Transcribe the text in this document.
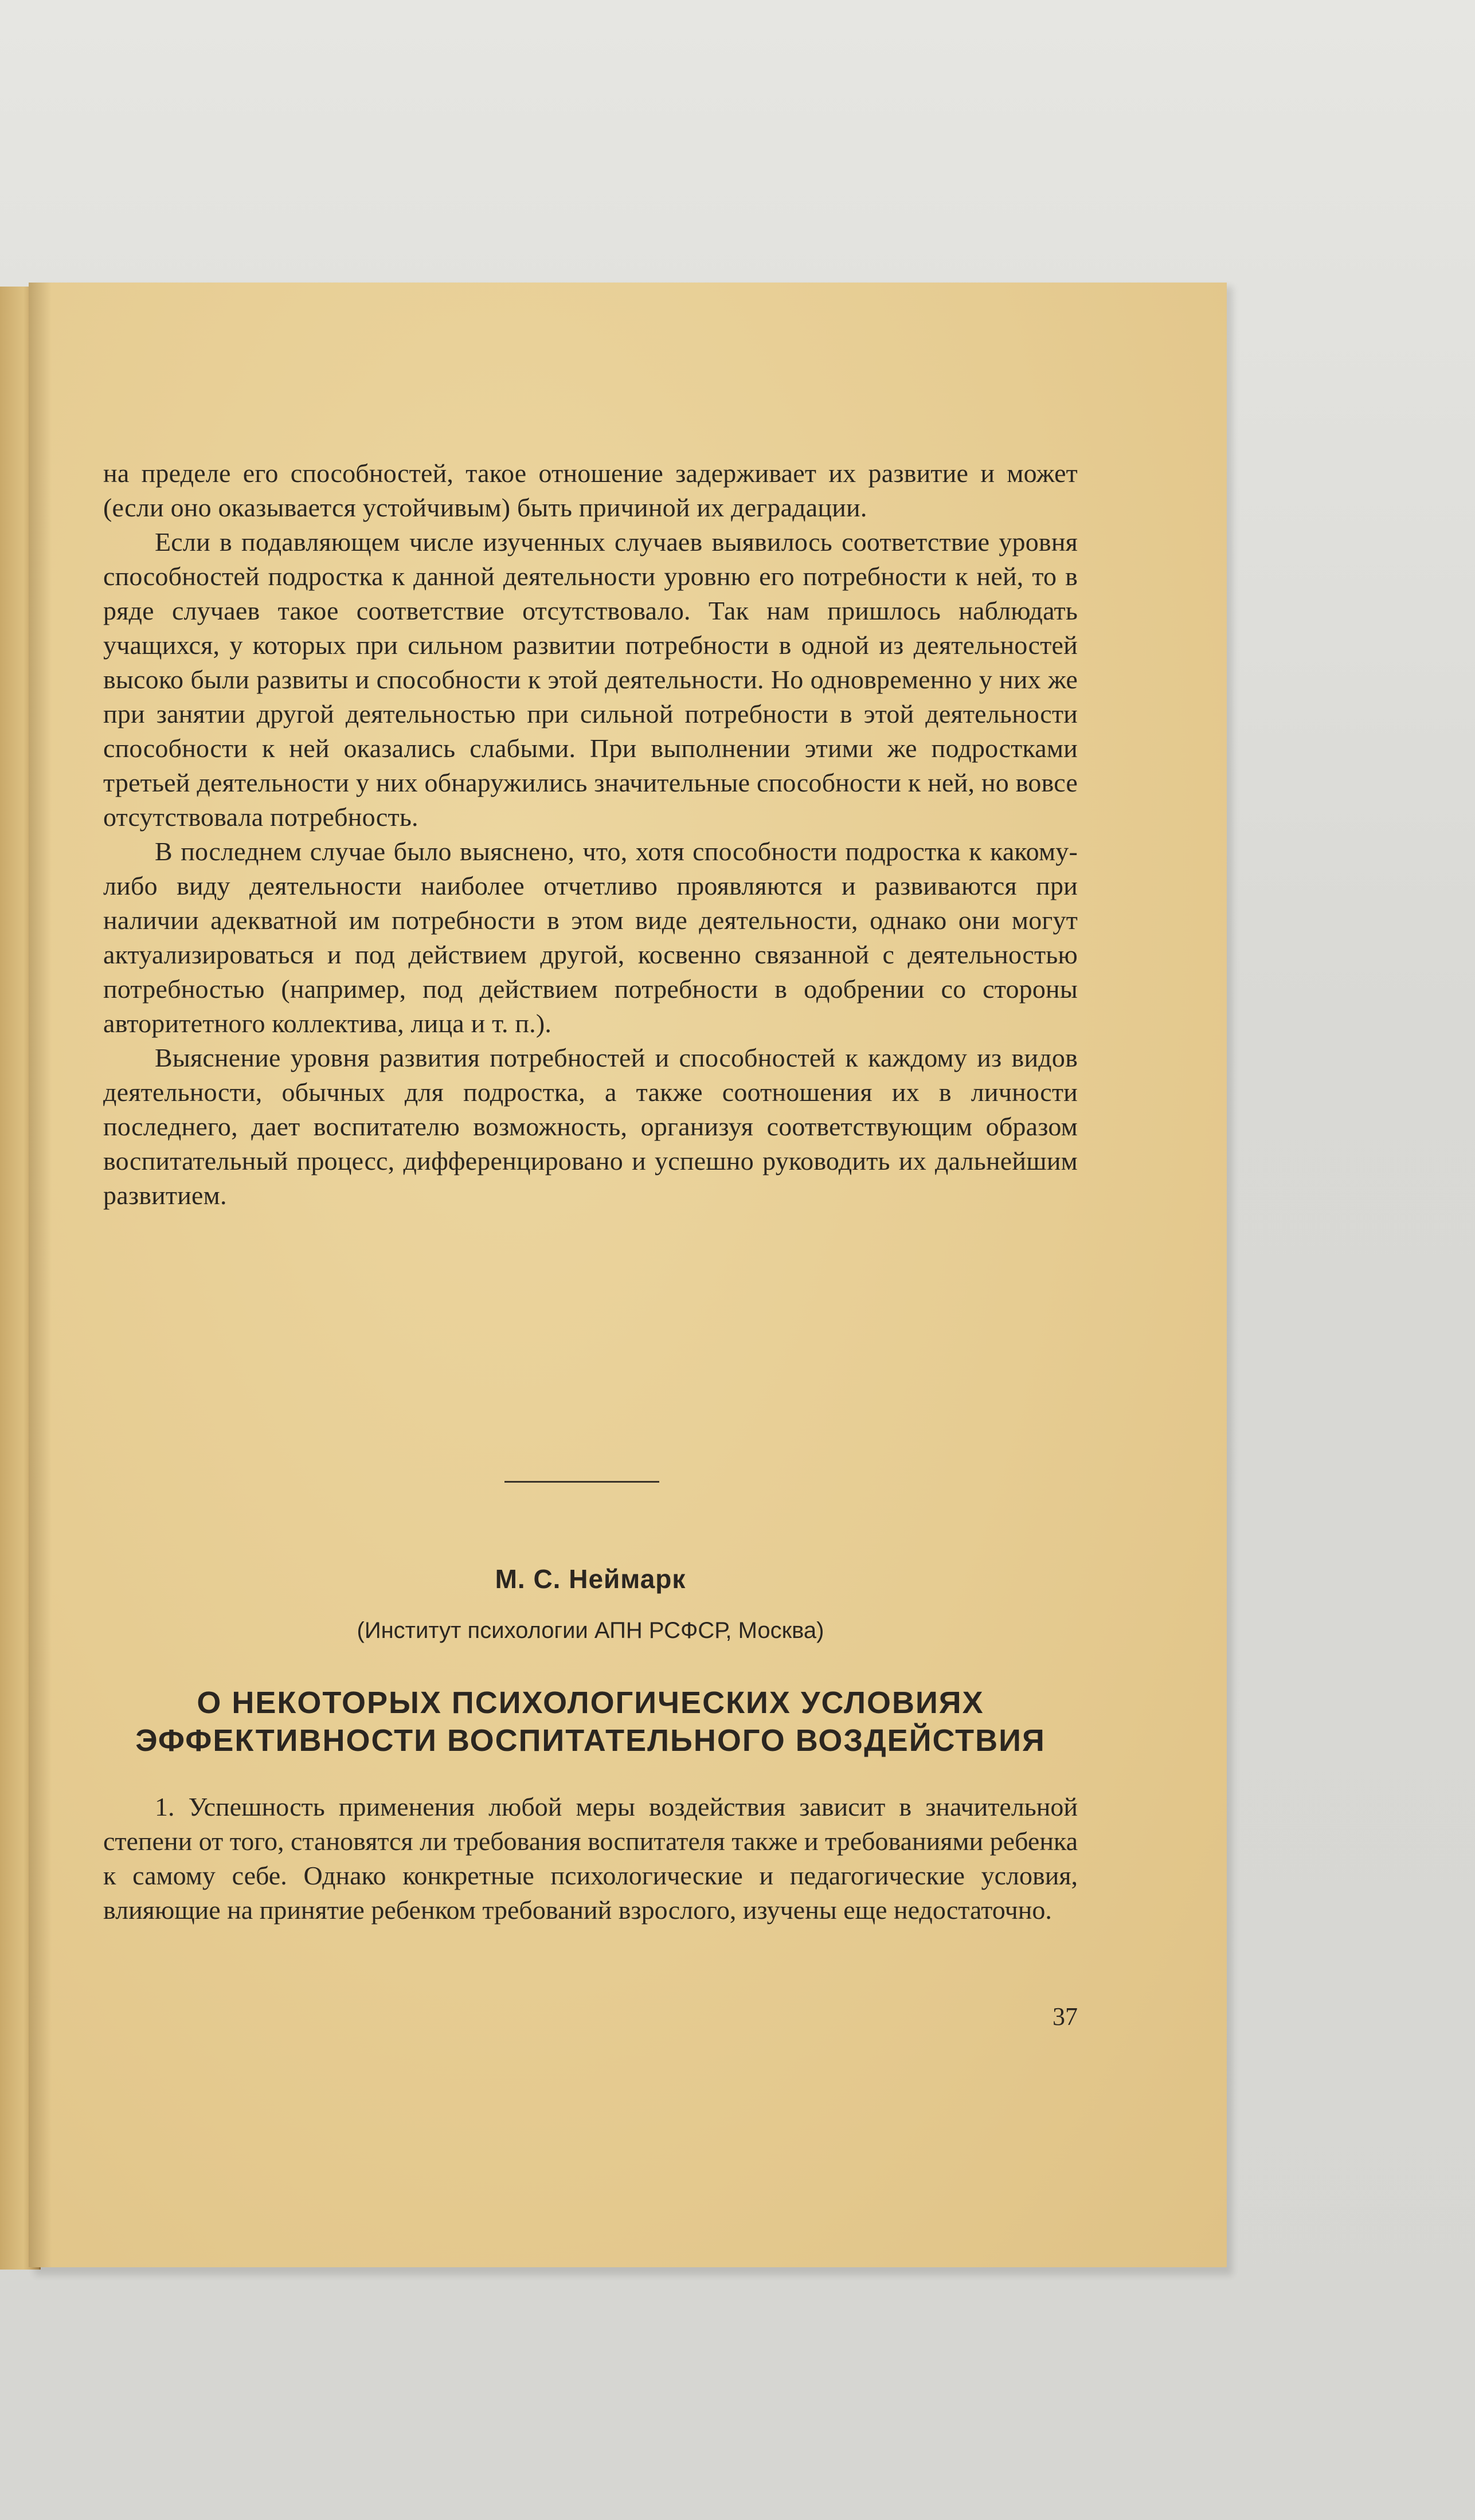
на пределе его способностей, такое отношение задерживает их развитие и может (если оно оказывается устойчивым) быть причиной их деградации.

Если в подавляющем числе изученных случаев выявилось соответствие уровня способностей подростка к данной деятельности уровню его потребности к ней, то в ряде случаев такое соответствие отсутствовало. Так нам пришлось наблюдать учащихся, у которых при сильном развитии потребности в одной из деятельностей высоко были развиты и способности к этой деятельности. Но одновременно у них же при занятии другой деятельностью при сильной потребности в этой деятельности способности к ней оказались слабыми. При выполнении этими же подростками третьей деятельности у них обнаружились значительные способности к ней, но вовсе отсутствовала потребность.

В последнем случае было выяснено, что, хотя способности подростка к какому-либо виду деятельности наиболее отчетливо проявляются и развиваются при наличии адекватной им потребности в этом виде деятельности, однако они могут актуализироваться и под действием другой, косвенно связанной с деятельностью потребностью (например, под действием потребности в одобрении со стороны авторитетного коллектива, лица и т. п.).

Выяснение уровня развития потребностей и способностей к каждому из видов деятельности, обычных для подростка, а также соотношения их в личности последнего, дает воспитателю возможность, организуя соответствующим образом воспитательный процесс, дифференцировано и успешно руководить их дальнейшим развитием.

М. С. Неймарк
(Институт психологии АПН РСФСР, Москва)
О НЕКОТОРЫХ ПСИХОЛОГИЧЕСКИХ УСЛОВИЯХ
ЭФФЕКТИВНОСТИ ВОСПИТАТЕЛЬНОГО ВОЗДЕЙСТВИЯ

1. Успешность применения любой меры воздействия зависит в значительной степени от того, становятся ли требования воспитателя также и требованиями ребенка к самому себе. Однако конкретные психологические и педагогические условия, влияющие на принятие ребенком требований взрослого, изучены еще недостаточно.

37
